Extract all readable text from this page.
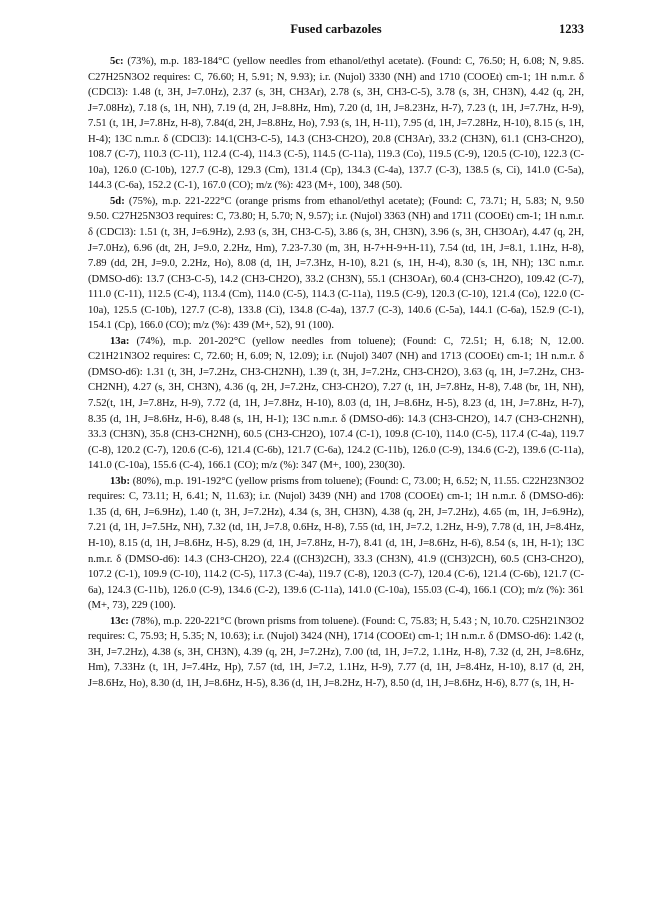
Fused carbazoles	1233

5c: (73%), m.p. 183-184°C (yellow needles from ethanol/ethyl acetate). (Found: C, 76.50; H, 6.08; N, 9.85. C27H25N3O2 requires: C, 76.60; H, 5.91; N, 9.93); i.r. (Nujol) 3330 (NH) and 1710 (COOEt) cm-1; 1H n.m.r. δ (CDCl3): 1.48 (t, 3H, J=7.0Hz), 2.37 (s, 3H, CH3Ar), 2.78 (s, 3H, CH3-C-5), 3.78 (s, 3H, CH3N), 4.42 (q, 2H, J=7.08Hz), 7.18 (s, 1H, NH), 7.19 (d, 2H, J=8.8Hz, Hm), 7.20 (d, 1H, J=8.23Hz, H-7), 7.23 (t, 1H, J=7.7Hz, H-9), 7.51 (t, 1H, J=7.8Hz, H-8), 7.84(d, 2H, J=8.8Hz, Ho), 7.93 (s, 1H, H-11), 7.95 (d, 1H, J=7.28Hz, H-10), 8.15 (s, 1H, H-4); 13C n.m.r. δ (CDCl3): 14.1(CH3-C-5), 14.3 (CH3-CH2O), 20.8 (CH3Ar), 33.2 (CH3N), 61.1 (CH3-CH2O), 108.7 (C-7), 110.3 (C-11), 112.4 (C-4), 114.3 (C-5), 114.5 (C-11a), 119.3 (Co), 119.5 (C-9), 120.5 (C-10), 122.3 (C-10a), 126.0 (C-10b), 127.7 (C-8), 129.3 (Cm), 131.4 (Cp), 134.3 (C-4a), 137.7 (C-3), 138.5 (s, Ci), 141.0 (C-5a), 144.3 (C-6a), 152.2 (C-1), 167.0 (CO); m/z (%): 423 (M+, 100), 348 (50).

5d: (75%), m.p. 221-222°C (orange prisms from ethanol/ethyl acetate); (Found: C, 73.71; H, 5.83; N, 9.50 9.50. C27H25N3O3 requires: C, 73.80; H, 5.70; N, 9.57); i.r. (Nujol) 3363 (NH) and 1711 (COOEt) cm-1; 1H n.m.r. δ (CDCl3): 1.51 (t, 3H, J=6.9Hz), 2.93 (s, 3H, CH3-C-5), 3.86 (s, 3H, CH3N), 3.96 (s, 3H, CH3OAr), 4.47 (q, 2H, J=7.0Hz), 6.96 (dt, 2H, J=9.0, 2.2Hz, Hm), 7.23-7.30 (m, 3H, H-7+H-9+H-11), 7.54 (td, 1H, J=8.1, 1.1Hz, H-8), 7.89 (dd, 2H, J=9.0, 2.2Hz, Ho), 8.08 (d, 1H, J=7.3Hz, H-10), 8.21 (s, 1H, H-4), 8.30 (s, 1H, NH); 13C n.m.r. (DMSO-d6): 13.7 (CH3-C-5), 14.2 (CH3-CH2O), 33.2 (CH3N), 55.1 (CH3OAr), 60.4 (CH3-CH2O), 109.42 (C-7), 111.0 (C-11), 112.5 (C-4), 113.4 (Cm), 114.0 (C-5), 114.3 (C-11a), 119.5 (C-9), 120.3 (C-10), 121.4 (Co), 122.0 (C-10a), 125.5 (C-10b), 127.7 (C-8), 133.8 (Ci), 134.8 (C-4a), 137.7 (C-3), 140.6 (C-5a), 144.1 (C-6a), 152.9 (C-1), 154.1 (Cp), 166.0 (CO); m/z (%): 439 (M+, 52), 91 (100).

13a: (74%), m.p. 201-202°C (yellow needles from toluene); (Found: C, 72.51; H, 6.18; N, 12.00. C21H21N3O2 requires: C, 72.60; H, 6.09; N, 12.09); i.r. (Nujol) 3407 (NH) and 1713 (COOEt) cm-1; 1H n.m.r. δ (DMSO-d6): 1.31 (t, 3H, J=7.2Hz, CH3-CH2NH), 1.39 (t, 3H, J=7.2Hz, CH3-CH2O), 3.63 (q, 1H, J=7.2Hz, CH3-CH2NH), 4.27 (s, 3H, CH3N), 4.36 (q, 2H, J=7.2Hz, CH3-CH2O), 7.27 (t, 1H, J=7.8Hz, H-8), 7.48 (br, 1H, NH), 7.52(t, 1H, J=7.8Hz, H-9), 7.72 (d, 1H, J=7.8Hz, H-10), 8.03 (d, 1H, J=8.6Hz, H-5), 8.23 (d, 1H, J=7.8Hz, H-7), 8.35 (d, 1H, J=8.6Hz, H-6), 8.48 (s, 1H, H-1); 13C n.m.r. δ (DMSO-d6): 14.3 (CH3-CH2O), 14.7 (CH3-CH2NH), 33.3 (CH3N), 35.8 (CH3-CH2NH), 60.5 (CH3-CH2O), 107.4 (C-1), 109.8 (C-10), 114.0 (C-5), 117.4 (C-4a), 119.7 (C-8), 120.2 (C-7), 120.6 (C-6), 121.4 (C-6b), 121.7 (C-6a), 124.2 (C-11b), 126.0 (C-9), 134.6 (C-2), 139.6 (C-11a), 141.0 (C-10a), 155.6 (C-4), 166.1 (CO); m/z (%): 347 (M+, 100), 230(30).

13b: (80%), m.p. 191-192°C (yellow prisms from toluene); (Found: C, 73.00; H, 6.52; N, 11.55. C22H23N3O2 requires: C, 73.11; H, 6.41; N, 11.63); i.r. (Nujol) 3439 (NH) and 1708 (COOEt) cm-1; 1H n.m.r. δ (DMSO-d6): 1.35 (d, 6H, J=6.9Hz), 1.40 (t, 3H, J=7.2Hz), 4.34 (s, 3H, CH3N), 4.38 (q, 2H, J=7.2Hz), 4.65 (m, 1H, J=6.9Hz), 7.21 (d, 1H, J=7.5Hz, NH), 7.32 (td, 1H, J=7.8, 0.6Hz, H-8), 7.55 (td, 1H, J=7.2, 1.2Hz, H-9), 7.78 (d, 1H, J=8.4Hz, H-10), 8.15 (d, 1H, J=8.6Hz, H-5), 8.29 (d, 1H, J=7.8Hz, H-7), 8.41 (d, 1H, J=8.6Hz, H-6), 8.54 (s, 1H, H-1); 13C n.m.r. δ (DMSO-d6): 14.3 (CH3-CH2O), 22.4 ((CH3)2CH), 33.3 (CH3N), 41.9 ((CH3)2CH), 60.5 (CH3-CH2O), 107.2 (C-1), 109.9 (C-10), 114.2 (C-5), 117.3 (C-4a), 119.7 (C-8), 120.3 (C-7), 120.4 (C-6), 121.4 (C-6b), 121.7 (C-6a), 124.3 (C-11b), 126.0 (C-9), 134.6 (C-2), 139.6 (C-11a), 141.0 (C-10a), 155.03 (C-4), 166.1 (CO); m/z (%): 361 (M+, 73), 229 (100).

13c: (78%), m.p. 220-221°C (brown prisms from toluene). (Found: C, 75.83; H, 5.43 ; N, 10.70. C25H21N3O2 requires: C, 75.93; H, 5.35; N, 10.63); i.r. (Nujol) 3424 (NH), 1714 (COOEt) cm-1; 1H n.m.r. δ (DMSO-d6): 1.42 (t, 3H, J=7.2Hz), 4.38 (s, 3H, CH3N), 4.39 (q, 2H, J=7.2Hz), 7.00 (td, 1H, J=7.2, 1.1Hz, H-8), 7.32 (d, 2H, J=8.6Hz, Hm), 7.33Hz (t, 1H, J=7.4Hz, Hp), 7.57 (td, 1H, J=7.2, 1.1Hz, H-9), 7.77 (d, 1H, J=8.4Hz, H-10), 8.17 (d, 2H, J=8.6Hz, Ho), 8.30 (d, 1H, J=8.6Hz, H-5), 8.36 (d, 1H, J=8.2Hz, H-7), 8.50 (d, 1H, J=8.6Hz, H-6), 8.77 (s, 1H, H-
